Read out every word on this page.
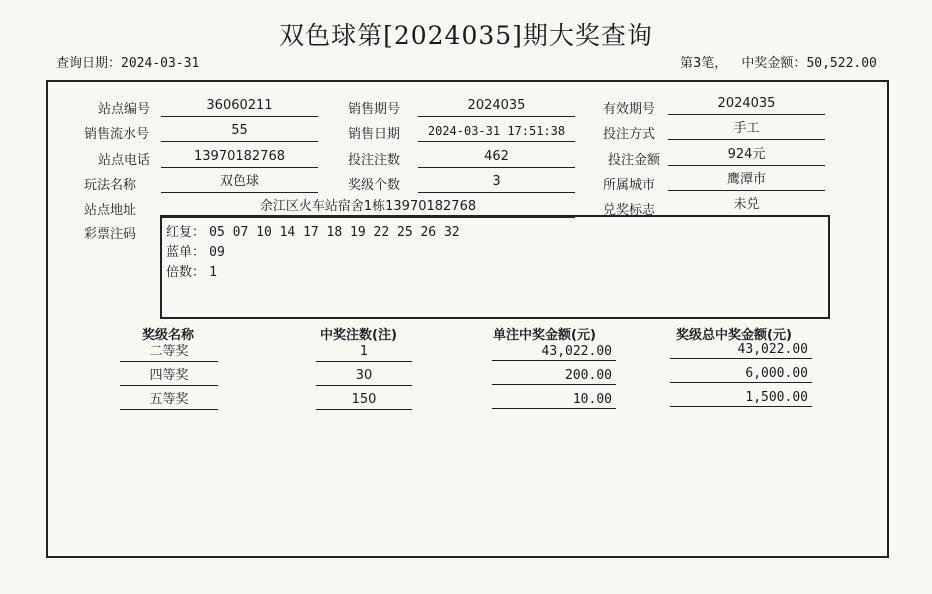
双色球第[2024035]期大奖查询
查询日期：2024-03-31	第3笔， 中奖金额：50,522.00
站点编号	36060211	销售期号	2024035	有效期号	2024035
销售流水号	55	销售日期	2024-03-31 17:51:38	投注方式	手工
站点电话	13970182768	投注注数	462	投注金额	924元
玩法名称	双色球	奖级个数	3	所属城市	鹰潭市
站点地址	余江区火车站宿舍1栋13970182768	兑奖标志	未兑
彩票注码 红复： 05 07 10 14 17 18 19 22 25 26 32
蓝单： 09
倍数： 1
奖级名称	中奖注数(注)	单注中奖金额(元)	奖级总中奖金额(元)
二等奖	1	43,022.00	43,022.00
四等奖	30	200.00	6,000.00
五等奖	150	10.00	1,500.00
